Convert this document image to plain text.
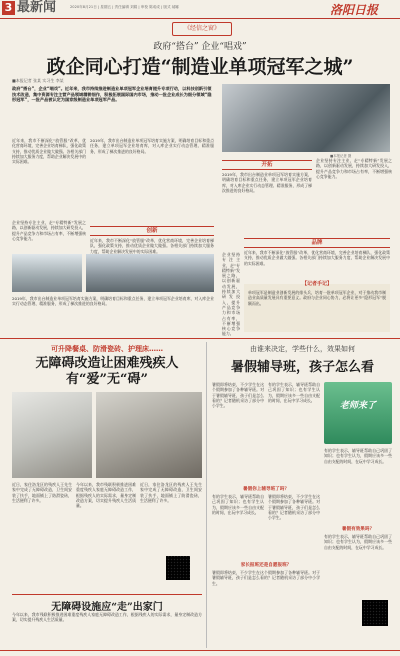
3 最新闻	2020年8月21日 | 星期五 | 责任编辑 刘娟 | 审校 陈成成 | 版式 郝娜	洛阳日报
《经信之窗》
政府“搭台” 企业“唱戏”
政企同心打造“制造业单项冠军之城”
■本报记者 张某 实习生 李某
政府“搭台”，企业“唱戏”。近年来，我市持续推进制造业单项冠军企业培育提升专项行动，以科技创新引领技术改造，集中资源专注主营产品领域精耕细作，积极拓展国际国内市场，推动一批企业成长为细分领域“隐形冠军”，一批产品被认定为国家级制造业单项冠军产品。
■本报记者 摄
近年来，我市不断深化“放管服”改革，优化营商环境，完善企业培育梯队，强化政策支持，推动优质企业做大做强。各相关部门持续加大服务力度，帮助企业解决发展中的实际困难。
2019年，我市出台制造业单项冠军培育实施方案，明确培育目标和重点任务，建立单项冠军企业培育库，对入库企业实行动态管理、精准服务，形成了梯次推进的良好格局。
创新
企业坚持专注主业，走“专精特新”发展之路，以创新驱动发展，持续加大研发投入，提升产品竞争力和市场占有率，不断增强核心竞争能力。	近年来，我市不断深化“放管服”改革，优化营商环境，完善企业培育梯队，强化政策支持，推动优质企业做大做强。各相关部门持续加大服务力度，帮助企业解决发展中的实际困难。
开拓
2019年，我市出台制造业单项冠军培育实施方案，明确培育目标和重点任务，建立单项冠军企业培育库，对入库企业实行动态管理、精准服务，形成了梯次推进的良好格局。
企业坚持专注主业，走“专精特新”发展之路，以创新驱动发展，持续加大研发投入，提升产品竞争力和市场占有率，不断增强核心竞争能力。
品牌
近年来，我市不断深化“放管服”改革，优化营商环境，完善企业培育梯队，强化政策支持，推动优质企业做大做强。各相关部门持续加大服务力度，帮助企业解决发展中的实际困难。
2019年，我市出台制造业单项冠军培育实施方案，明确培育目标和重点任务，建立单项冠军企业培育库，对入库企业实行动态管理、精准服务，形成了梯次推进的良好格局。
企业坚持专注主业，走“专精特新”发展之路，以创新驱动发展，持续加大研发投入，提升产品竞争力和市场占有率，不断增强核心竞争能力。
【记者手记】
单项冠军是制造业创新发展的排头兵，培育一批单项冠军企业，对于推动我市制造业高质量发展具有重要意义。政府与企业同心协力，必将让更多“隐形冠军”脱颖而出。
可升降餐桌、防滑瓷砖、护理床……
无障碍改造让困难残疾人有“爱”无“碍”
近日，家住洛龙区的残疾人王先生家中完成了无障碍改造，卫生间安装了扶手，地面铺上了防滑瓷砖，生活便利了许多。
今年以来，我市残联积极推进困难重度残疾人家庭无障碍改造工作，根据残疾人的实际需求，量身定制改造方案，切实提升残疾人生活质量。
近日，家住洛龙区的残疾人王先生家中完成了无障碍改造，卫生间安装了扶手，地面铺上了防滑瓷砖，生活便利了许多。
无障碍设施应“走”出家门
今年以来，我市残联积极推进困难重度残疾人家庭无障碍改造工作，根据残疾人的实际需求，量身定制改造方案，切实提升残疾人生活质量。
由谁来决定，学些什么，效果如何
暑假辅导班，孩子怎么看
暑假即将结束，不少学生在这个假期参加了各种辅导班。对于暑假辅导班，孩子们是怎么看的？记者随机采访了部分中小学生。
有的学生表示，辅导班帮助自己巩固了知识；也有学生认为，假期应该多一些自由支配的时间，在玩中学习成长。
老师来了
暑假你上辅导班了吗？
有的学生表示，辅导班帮助自己巩固了知识；也有学生认为，假期应该多一些自由支配的时间，在玩中学习成长。
暑假即将结束，不少学生在这个假期参加了各种辅导班。对于暑假辅导班，孩子们是怎么看的？记者随机采访了部分中小学生。
有的学生表示，辅导班帮助自己巩固了知识；也有学生认为，假期应该多一些自由支配的时间，在玩中学习成长。
家长报班还是自愿报班？
暑假即将结束，不少学生在这个假期参加了各种辅导班。对于暑假辅导班，孩子们是怎么看的？记者随机采访了部分中小学生。
暑假有效果吗？
有的学生表示，辅导班帮助自己巩固了知识；也有学生认为，假期应该多一些自由支配的时间，在玩中学习成长。
